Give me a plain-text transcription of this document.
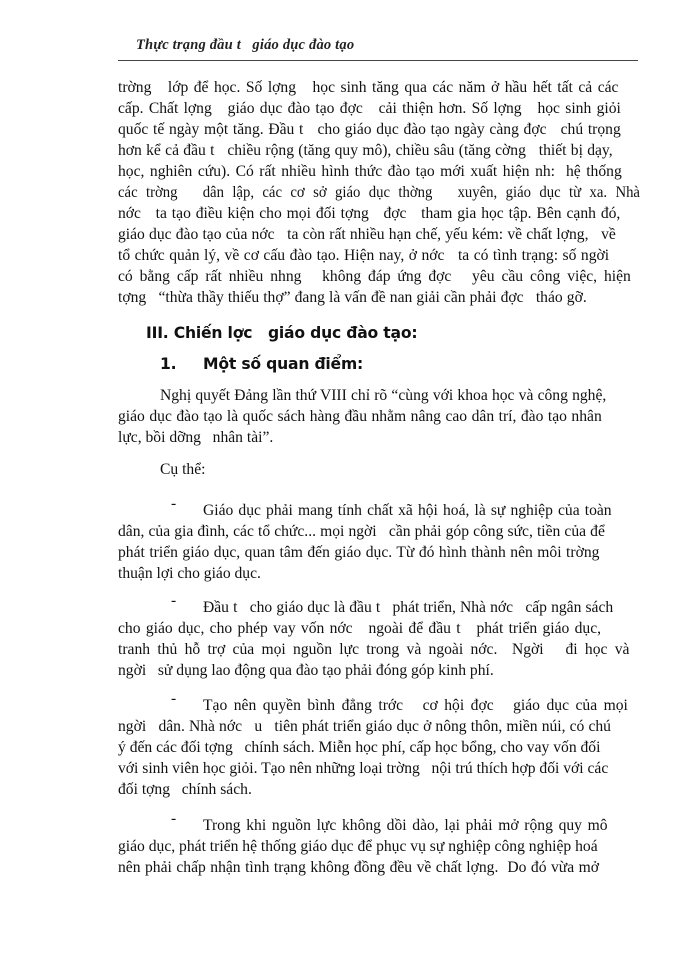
Thực trạng đầu t   giáo dục đào tạo
trờng   lớp để học. Số lợng   học sinh tăng qua các năm ở hầu hết tất cả các
cấp. Chất lợng   giáo dục đào tạo đợc   cải thiện hơn. Số lợng   học sinh giỏi
quốc tế ngày một tăng. Đầu t   cho giáo dục đào tạo ngày càng đợc   chú trọng
hơn kể cả đầu t   chiều rộng (tăng quy mô), chiều sâu (tăng cờng   thiết bị dạy,
học, nghiên cứu). Có rất nhiều hình thức đào tạo mới xuất hiện nh:  hệ thống
các trờng   dân lập, các cơ sở giáo dục thờng   xuyên, giáo dục từ xa. Nhà
nớc   ta tạo điều kiện cho mọi đối tợng   đợc   tham gia học tập. Bên cạnh đó,
giáo dục đào tạo của nớc   ta còn rất nhiều hạn chế, yếu kém: về chất lợng,   về
tổ chức quản lý, về cơ cấu đào tạo. Hiện nay, ở nớc   ta có tình trạng: số ngời
có bằng cấp rất nhiều nhng   không đáp ứng đợc   yêu cầu công việc, hiện
tợng   “thừa thầy thiếu thợ” đang là vấn đề nan giải cần phải đợc   tháo gỡ.
III. Chiến lợc   giáo dục đào tạo:
1. Một số quan điểm:
Nghị quyết Đảng lần thứ VIII chỉ rõ “cùng với khoa học và công nghệ,
giáo dục đào tạo là quốc sách hàng đầu nhằm nâng cao dân trí, đào tạo nhân
lực, bồi dỡng   nhân tài”.
Cụ thể:
- Giáo dục phải mang tính chất xã hội hoá, là sự nghiệp của toàn
dân, của gia đình, các tổ chức... mọi ngời   cần phải góp công sức, tiền của để
phát triển giáo dục, quan tâm đến giáo dục. Từ đó hình thành nên môi trờng
thuận lợi cho giáo dục.
- Đầu t   cho giáo dục là đầu t   phát triển, Nhà nớc   cấp ngân sách
cho giáo dục, cho phép vay vốn nớc   ngoài để đầu t   phát triển giáo dục,
tranh thủ hỗ trợ của mọi nguồn lực trong và ngoài nớc.  Ngời   đi học và
ngời   sử dụng lao động qua đào tạo phải đóng góp kinh phí.
- Tạo nên quyền bình đẳng trớc   cơ hội đợc   giáo dục của mọi
ngời   dân. Nhà nớc   u   tiên phát triển giáo dục ở nông thôn, miền núi, có chú
ý đến các đối tợng   chính sách. Miễn học phí, cấp học bổng, cho vay vốn đối
với sinh viên học giỏi. Tạo nên những loại trờng   nội trú thích hợp đối với các
đối tợng   chính sách.
- Trong khi nguồn lực không dồi dào, lại phải mở rộng quy mô
giáo dục, phát triển hệ thống giáo dục để phục vụ sự nghiệp công nghiệp hoá
nên phải chấp nhận tình trạng không đồng đều về chất lợng.  Do đó vừa mở
